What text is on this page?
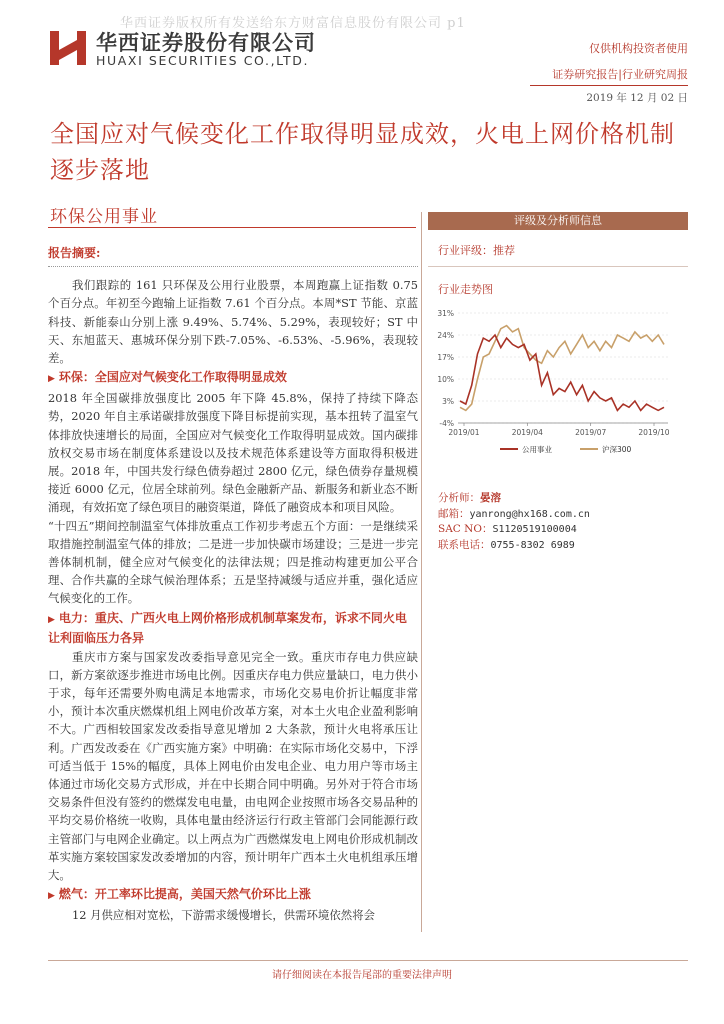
华西证券版权所有发送给东方财富信息股份有限公司 p1
华西证券股份有限公司
HUAXI SECURITIES CO.,LTD.
仅供机构投资者使用
证券研究报告|行业研究周报
2019 年 12 月 02 日
全国应对气候变化工作取得明显成效，火电上网价格机制逐步落地
环保公用事业
报告摘要:

我们跟踪的 161 只环保及公用行业股票，本周跑赢上证指数 0.75 个百分点。年初至今跑输上证指数 7.61 个百分点。本周*ST 节能、京蓝科技、新能泰山分别上涨 9.49%、5.74%、5.29%，表现较好；ST 中天、东旭蓝天、惠城环保分别下跌-7.05%、-6.53%、-5.96%，表现较差。

▶ 环保：全国应对气候变化工作取得明显成效

2018 年全国碳排放强度比 2005 年下降 45.8%，保持了持续下降态势，2020 年自主承诺碳排放强度下降目标提前实现，基本扭转了温室气体排放快速增长的局面，全国应对气候变化工作取得明显成效。国内碳排放权交易市场在制度体系建设以及技术规范体系建设等方面取得积极进展。2018 年，中国共发行绿色债券超过 2800 亿元，绿色债券存量规模接近 6000 亿元，位居全球前列。绿色金融新产品、新服务和新业态不断涌现，有效拓宽了绿色项目的融资渠道，降低了融资成本和项目风险。

“十四五”期间控制温室气体排放重点工作初步考虑五个方面：一是继续采取措施控制温室气体的排放；二是进一步加快碳市场建设；三是进一步完善体制机制，健全应对气候变化的法律法规；四是推动构建更加公平合理、合作共赢的全球气候治理体系；五是坚持减缓与适应并重，强化适应气候变化的工作。

▶ 电力：重庆、广西火电上网价格形成机制草案发布，诉求不同火电让利面临压力各异

重庆市方案与国家发改委指导意见完全一致。重庆市存电力供应缺口，新方案欲逐步推进市场电比例。因重庆存电力供应量缺口，电力供小于求，每年还需要外购电满足本地需求，市场化交易电价折让幅度非常小，预计本次重庆燃煤机组上网电价改革方案，对本土火电企业盈利影响不大。广西相较国家发改委指导意见增加 2 大条款，预计火电将承压让利。广西发改委在《广西实施方案》中明确：在实际市场化交易中，下浮可适当低于 15%的幅度，具体上网电价由发电企业、电力用户等市场主体通过市场化交易方式形成，并在中长期合同中明确。另外对于符合市场交易条件但没有签约的燃煤发电电量，由电网企业按照市场各交易品种的平均交易价格统一收购，具体电量由经济运行行政主管部门会同能源行政主管部门与电网企业确定。以上两点为广西燃煤发电上网电价形成机制改革实施方案较国家发改委增加的内容，预计明年广西本土火电机组承压增大。

▶ 燃气：开工率环比提高，美国天然气价环比上涨

12 月供应相对宽松，下游需求缓慢增长，供需环境依然将会

评级及分析师信息
行业评级：推荐
行业走势图
31%
24%
17%
10%
3%
-4%
2019/01	2019/04	2019/07	2019/10
公用事业	沪深300
分析师：晏溶
邮箱：yanrong@hx168.com.cn
SAC NO：S1120519100004
联系电话：0755-8302 6989
请仔细阅读在本报告尾部的重要法律声明
